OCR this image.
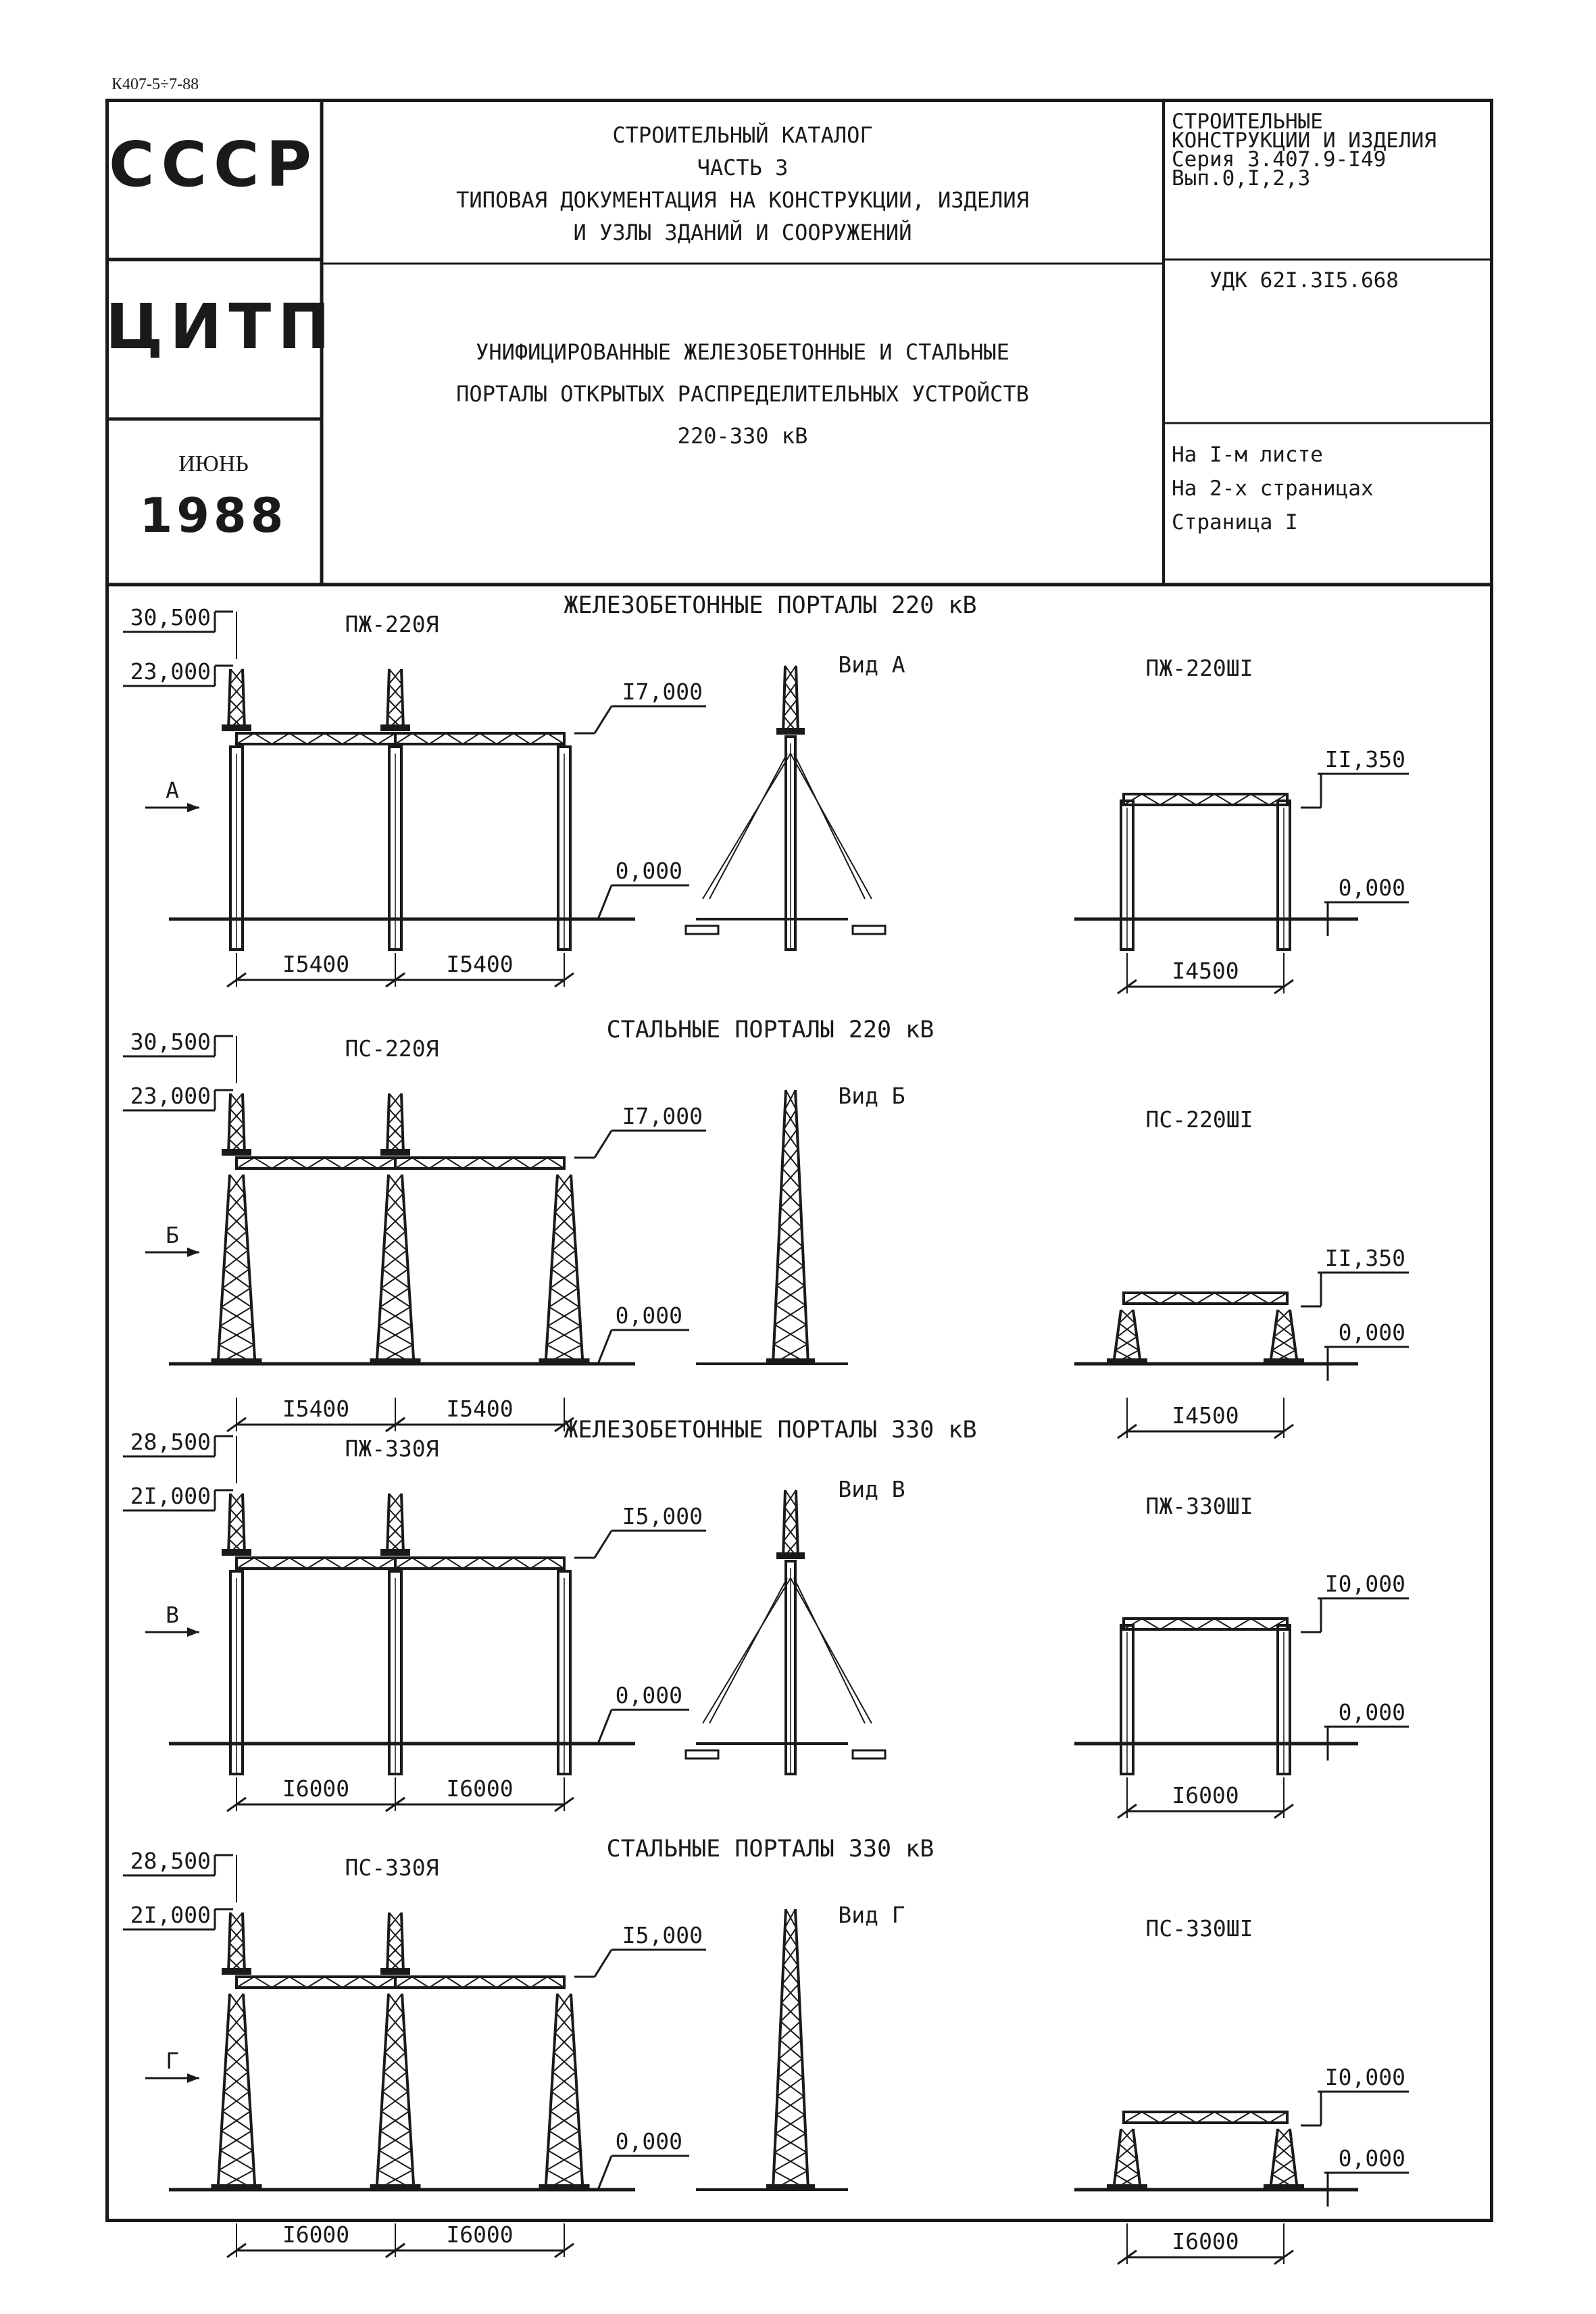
К407-5÷7-88
СССР
ЦИТП
ИЮНЬ
1988
СТРОИТЕЛЬНЫЙ КАТАЛОГ
ЧАСТЬ 3
ТИПОВАЯ ДОКУМЕНТАЦИЯ НА КОНСТРУКЦИИ, ИЗДЕЛИЯ
И УЗЛЫ ЗДАНИЙ И СООРУЖЕНИЙ
УНИФИЦИРОВАННЫЕ ЖЕЛЕЗОБЕТОННЫЕ И СТАЛЬНЫЕ
ПОРТАЛЫ ОТКРЫТЫХ РАСПРЕДЕЛИТЕЛЬНЫХ УСТРОЙСТВ
220-330 кВ
СТРОИТЕЛЬНЫЕ
КОНСТРУКЦИИ И ИЗДЕЛИЯ
Серия 3.407.9-I49
Вып.0,I,2,3
УДК 62I.3I5.668
На I-м листе
На 2-х страницах
Страница I
ЖЕЛЕЗОБЕТОННЫЕ ПОРТАЛЫ 220 кВ
ПЖ-220Я
30,500
23,000
I7,000
0,000
А
I5400	I5400
Вид А	ПЖ-220ШI
II,350
0,000
I4500
СТАЛЬНЫЕ ПОРТАЛЫ 220 кВ
ПС-220Я
30,500
23,000
I7,000
0,000
Б
I5400	I5400
Вид Б
ПС-220ШI
II,350
0,000
I4500
ЖЕЛЕЗОБЕТОННЫЕ ПОРТАЛЫ 330 кВ
ПЖ-330Я
28,500
2I,000
I5,000
0,000
В
I6000	I6000
Вид В
ПЖ-330ШI
I0,000
0,000
I6000
СТАЛЬНЫЕ ПОРТАЛЫ 330 кВ
ПС-330Я
28,500
2I,000
I5,000
0,000
Г
I6000	I6000
Вид Г
ПС-330ШI
I0,000
0,000
I6000
